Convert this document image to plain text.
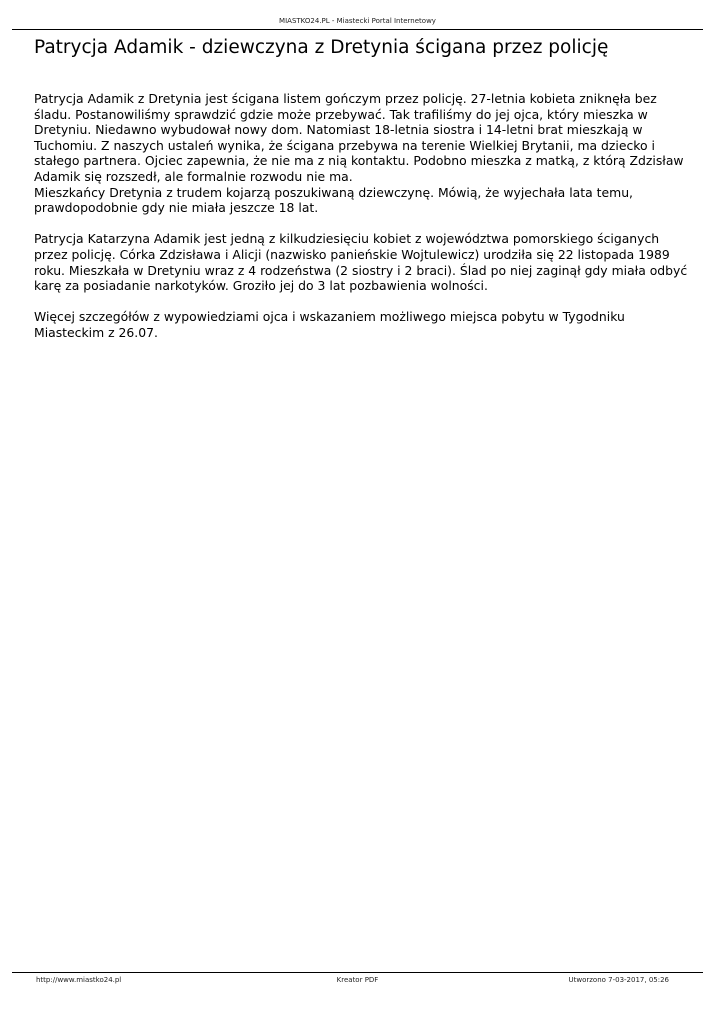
MIASTKO24.PL - Miastecki Portal Internetowy
Patrycja Adamik - dziewczyna z Dretynia ścigana przez policję

Patrycja Adamik z Dretynia jest ścigana listem gończym przez policję. 27-letnia kobieta zniknęła bez
śladu. Postanowiliśmy sprawdzić gdzie może przebywać. Tak trafiliśmy do jej ojca, który mieszka w
Dretyniu. Niedawno wybudował nowy dom. Natomiast 18-letnia siostra i 14-letni brat mieszkają w
Tuchomiu. Z naszych ustaleń wynika, że ścigana przebywa na terenie Wielkiej Brytanii, ma dziecko i
stałego partnera. Ojciec zapewnia, że nie ma z nią kontaktu. Podobno mieszka z matką, z którą Zdzisław
Adamik się rozszedł, ale formalnie rozwodu nie ma.
Mieszkańcy Dretynia z trudem kojarzą poszukiwaną dziewczynę. Mówią, że wyjechała lata temu,
prawdopodobnie gdy nie miała jeszcze 18 lat.

Patrycja Katarzyna Adamik jest jedną z kilkudziesięciu kobiet z województwa pomorskiego ściganych
przez policję. Córka Zdzisława i Alicji (nazwisko panieńskie Wojtulewicz) urodziła się 22 listopada 1989
roku. Mieszkała w Dretyniu wraz z 4 rodzeństwa (2 siostry i 2 braci). Ślad po niej zaginął gdy miała odbyć
karę za posiadanie narkotyków. Groziło jej do 3 lat pozbawienia wolności.

Więcej szczegółów z wypowiedziami ojca i wskazaniem możliwego miejsca pobytu w Tygodniku
Miasteckim z 26.07.

http://www.miastko24.pl	Kreator PDF	Utworzono 7-03-2017, 05:26
